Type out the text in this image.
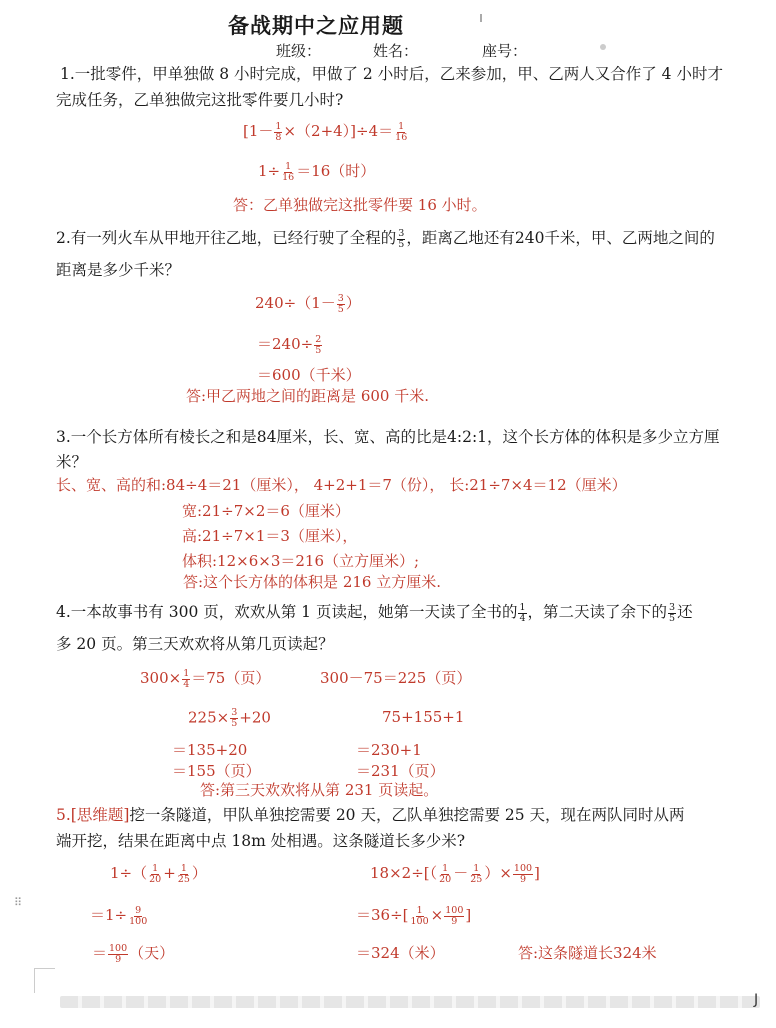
备战期中之应用题
班级：	姓名：	座号：
1.一批零件，甲单独做 8 小时完成，甲做了 2 小时后，乙来参加，甲、乙两人又合作了 4 小时才
完成任务，乙单独做完这批零件要几小时?
$[1- \frac{1}{8} \times(2+4)]\div 4= \frac{1}{16}$
$1\div \frac{1}{16} =16$（时）
答：乙单独做完这批零件要 16 小时。
2.有一列火车从甲地开往乙地，已经行驶了全程的 $\frac{3}{5}$ ，距离乙地还有240千米，甲、乙两地之间的
距离是多少千米？
$240\div(1- \frac{3}{5}$ ）
$=240\div \frac{2}{5}$
＝600（千米）
答:甲乙两地之间的距离是 600 千米.
3.一个长方体所有棱长之和是84厘米，长、宽、高的比是4:2:1，这个长方体的体积是多少立方厘
米？
长、宽、高的和:84÷4＝21（厘米）， 4+2+1＝7（份）， 长:21÷7×4＝12（厘米）
宽:21÷7×2＝6（厘米）
高:21÷7×1＝3（厘米），
体积:12×6×3＝216（立方厘米）;
答:这个长方体的体积是 216 立方厘米.
4.一本故事书有 300 页，欢欢从第 1 页读起，她第一天读了全书的 $\frac{1}{4}$ ，第二天读了余下的 $\frac{3}{5}$ 还
多 20 页。第三天欢欢将从第几页读起？
$300\times \frac{1}{4} =75$（页）	300－75＝225（页）
$225\times \frac{3}{5} +20$	75+155+1
＝135+20	＝230+1
＝155（页）	＝231（页）
答:第三天欢欢将从第 231 页读起。
5.[思维题]挖一条隧道，甲队单独挖需要 20 天，乙队单独挖需要 25 天，现在两队同时从两
端开挖，结果在距离中点 18m 处相遇。这条隧道长多少米?
$1\div( \frac{1}{20} + \frac{1}{25}$ ）	$18\times 2\div[( \frac{1}{20} - \frac{1}{25}$ ）× $\frac{100}{9}$ ]
$=1\div \frac{9}{100}$	$=36\div[ \frac{1}{100} \times \frac{100}{9}$ ]
＝ $\frac{100}{9}$ （天）	＝324（米）	答:这条隧道长324米
⠿
J
